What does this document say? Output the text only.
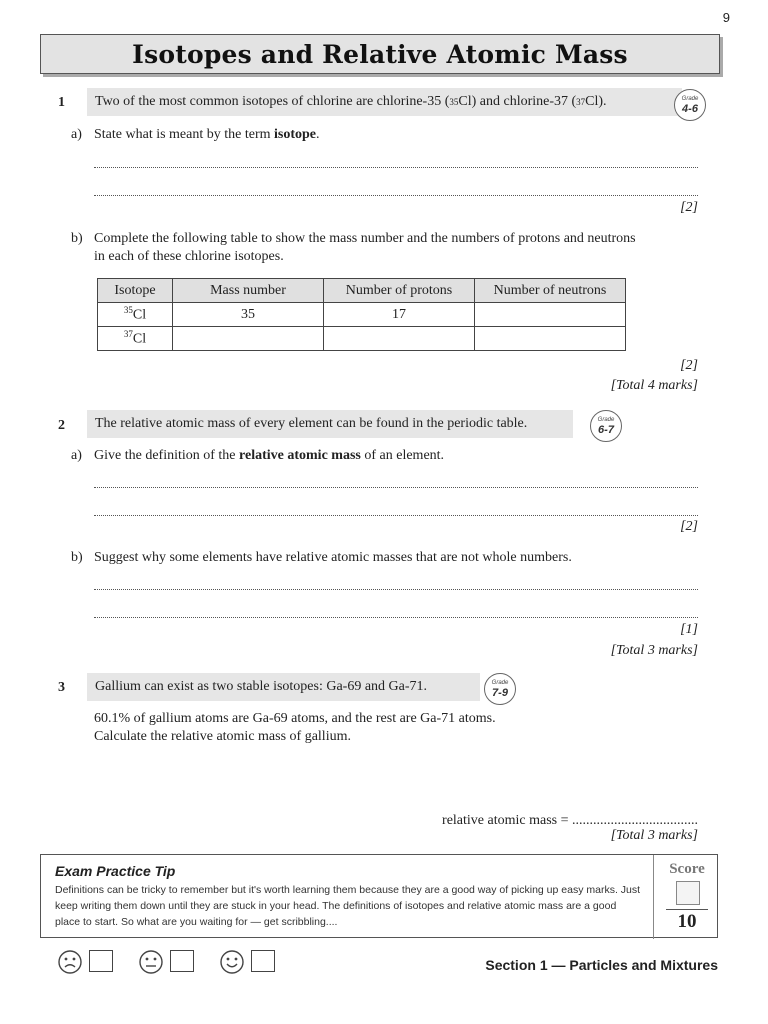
9
Isotopes and Relative Atomic Mass
1 Two of the most common isotopes of chlorine are chlorine-35 ( 35 Cl) and chlorine-37 ( 37 Cl).	Grade
4-6
a) State what is meant by the term isotope.
[2]
b) Complete the following table to show the mass number and the numbers of protons and neutrons
in each of these chlorine isotopes.
Isotope	Mass number	Number of protons	Number of neutrons
$^{35}$Cl	35	17	
$^{37}$Cl			
[2]
[Total 4 marks]
2	The relative atomic mass of every element can be found in the periodic table.	Grade
6-7
a) Give the definition of the relative atomic mass of an element.
[2]
b) Suggest why some elements have relative atomic masses that are not whole numbers.
[1]
[Total 3 marks]
3	Gallium can exist as two stable isotopes: Ga-69 and Ga-71.	Grade
7-9
60.1% of gallium atoms are Ga-69 atoms, and the rest are Ga-71 atoms.
Calculate the relative atomic mass of gallium.
relative atomic mass = ....................................
[Total 3 marks]
Exam Practice Tip
Definitions can be tricky to remember but it's worth learning them because they are a good way of picking up easy marks. Just keep writing them down until they are stuck in your head. The definitions of isotopes and relative atomic mass are a good place to start. So what are you waiting for — get scribbling....
Score
10
Section 1 — Particles and Mixtures
